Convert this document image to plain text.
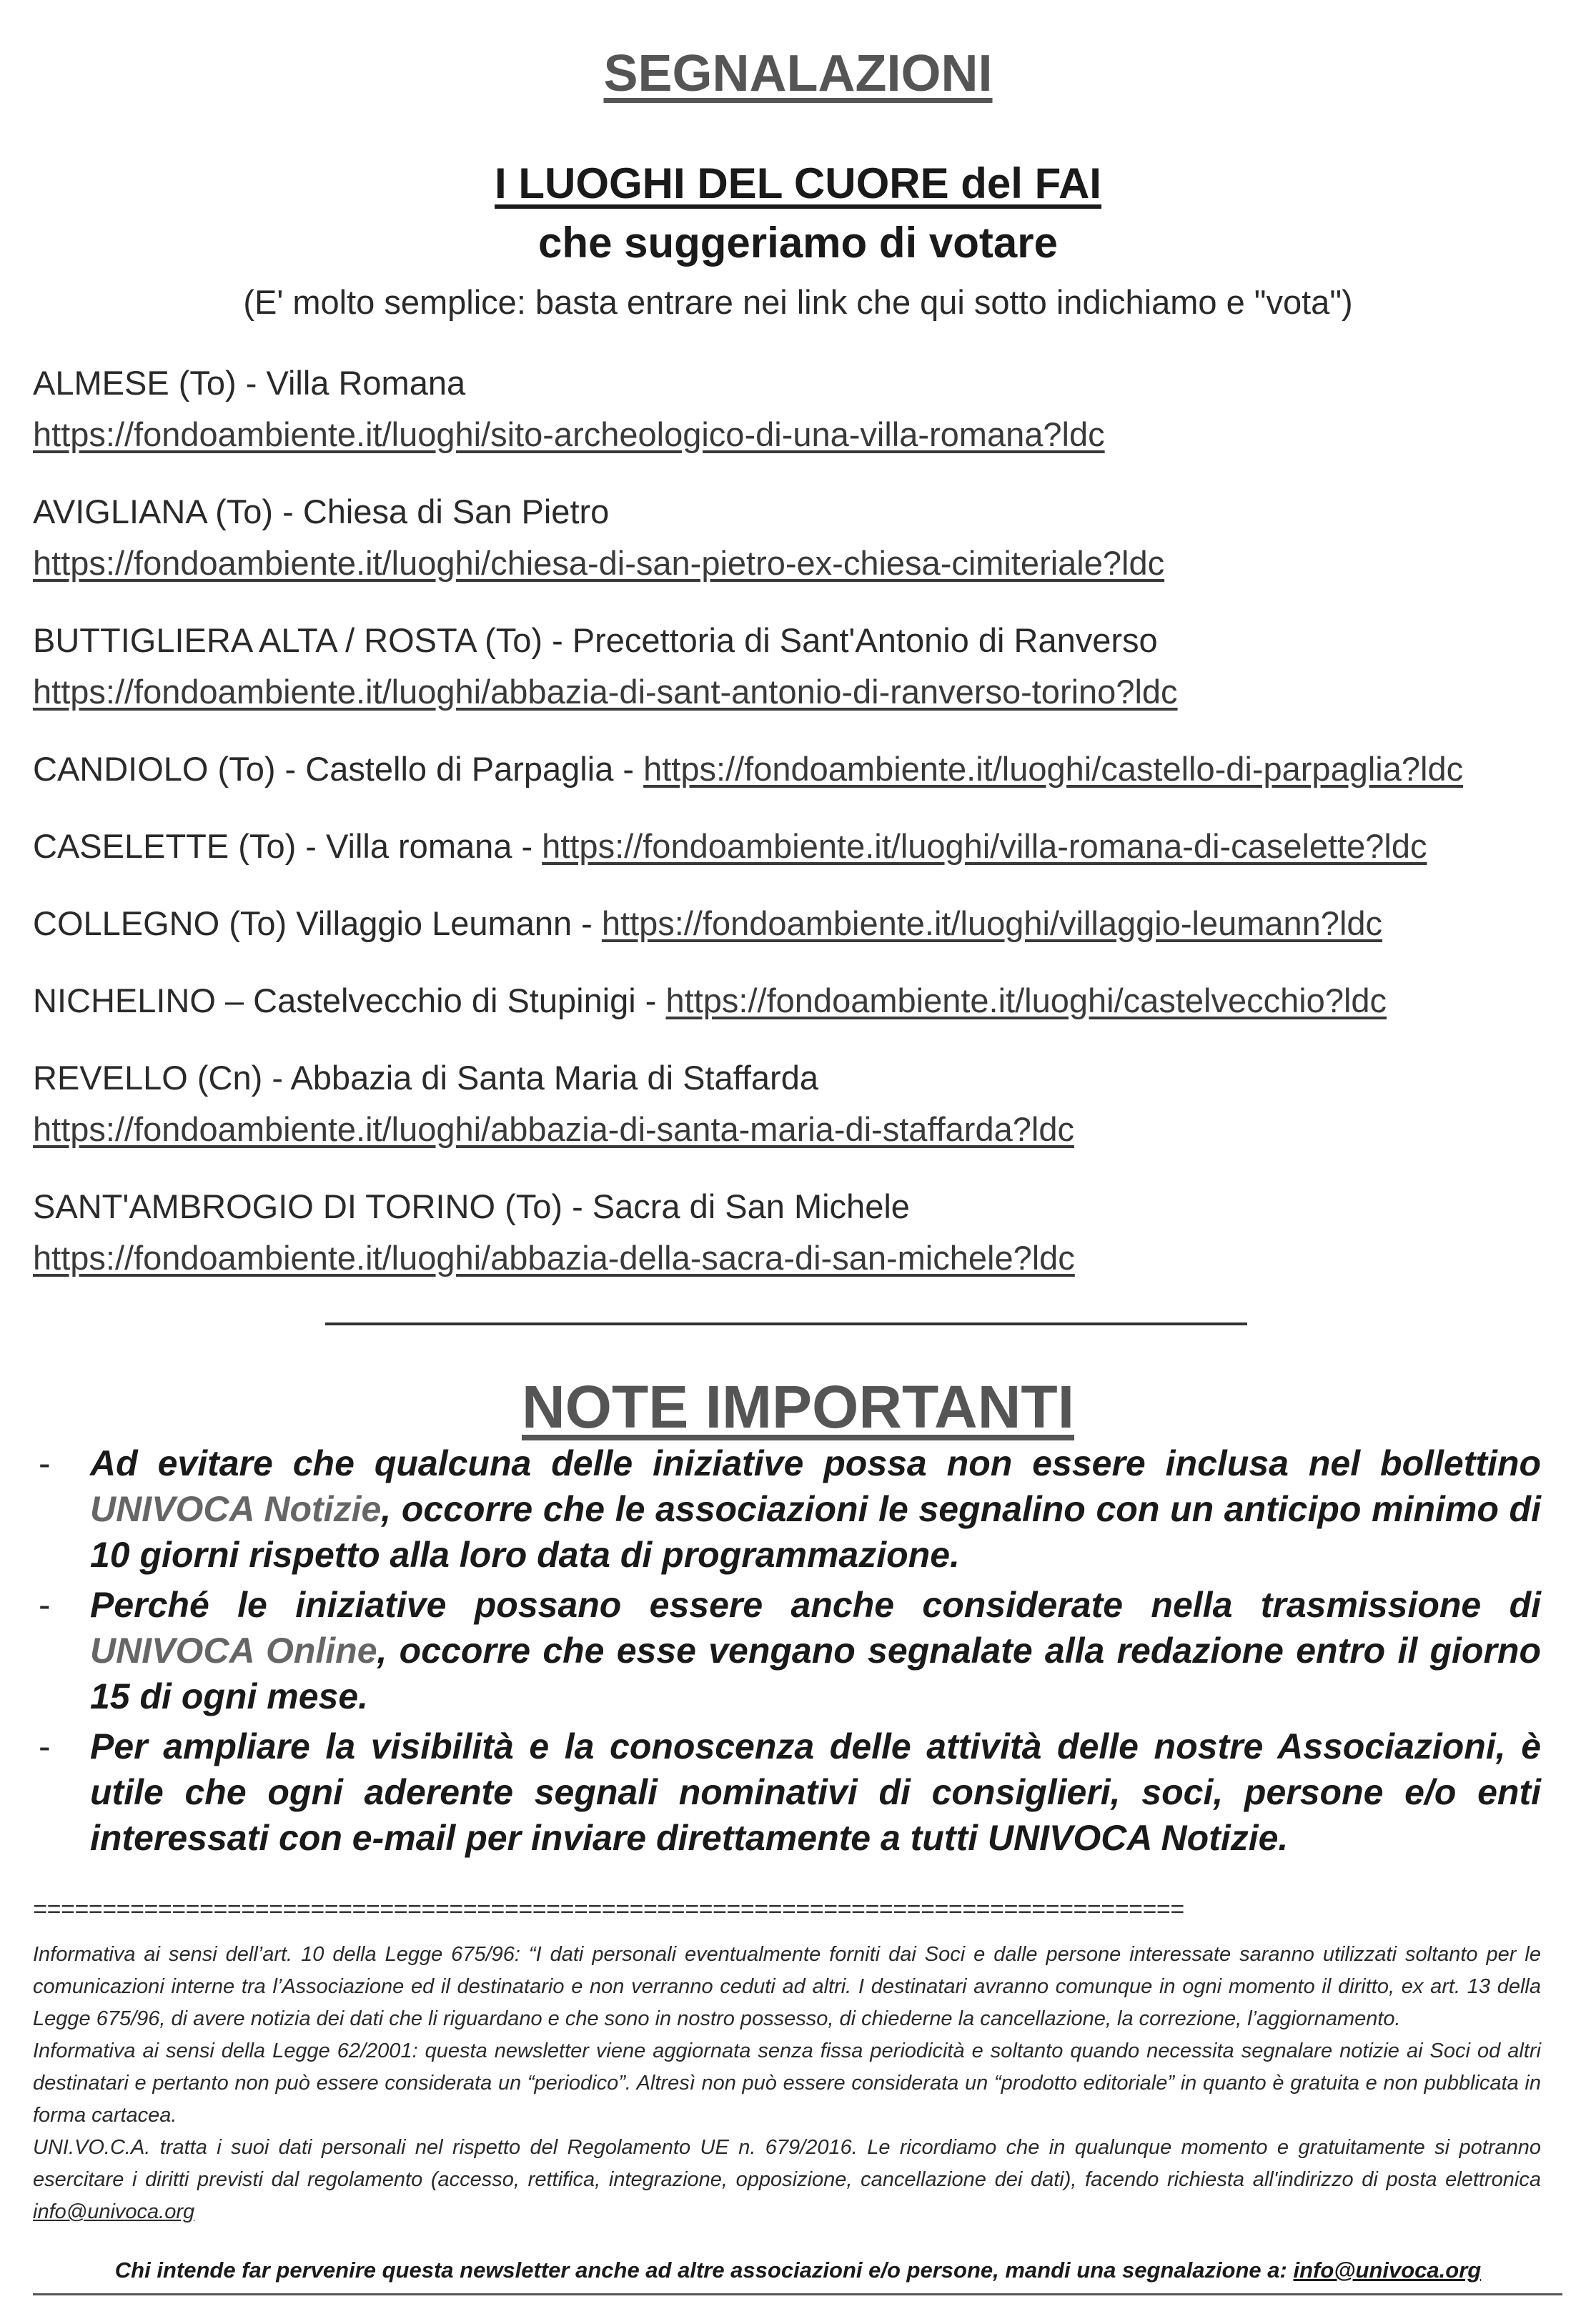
SEGNALAZIONI
I LUOGHI DEL CUORE del FAI
che suggeriamo di votare

(E' molto semplice: basta entrare nei link che qui sotto indichiamo e "vota")

ALMESE (To) - Villa Romana
https://fondoambiente.it/luoghi/sito-archeologico-di-una-villa-romana?ldc
AVIGLIANA (To) - Chiesa di San Pietro
https://fondoambiente.it/luoghi/chiesa-di-san-pietro-ex-chiesa-cimiteriale?ldc
BUTTIGLIERA ALTA / ROSTA (To) - Precettoria di Sant'Antonio di Ranverso
https://fondoambiente.it/luoghi/abbazia-di-sant-antonio-di-ranverso-torino?ldc
CANDIOLO (To) - Castello di Parpaglia - https://fondoambiente.it/luoghi/castello-di-parpaglia?ldc
CASELETTE (To) - Villa romana - https://fondoambiente.it/luoghi/villa-romana-di-caselette?ldc
COLLEGNO (To) Villaggio Leumann - https://fondoambiente.it/luoghi/villaggio-leumann?ldc
NICHELINO – Castelvecchio di Stupinigi - https://fondoambiente.it/luoghi/castelvecchio?ldc
REVELLO (Cn) - Abbazia di Santa Maria di Staffarda
https://fondoambiente.it/luoghi/abbazia-di-santa-maria-di-staffarda?ldc
SANT'AMBROGIO DI TORINO (To) - Sacra di San Michele
https://fondoambiente.it/luoghi/abbazia-della-sacra-di-san-michele?ldc
NOTE IMPORTANTI
- Ad evitare che qualcuna delle iniziative possa non essere inclusa nel bollettino UNIVOCA Notizie, occorre che le associazioni le segnalino con un anticipo minimo di 10 giorni rispetto alla loro data di programmazione.
- Perché le iniziative possano essere anche considerate nella trasmissione di UNIVOCA Online, occorre che esse vengano segnalate alla redazione entro il giorno 15 di ogni mese.
- Per ampliare la visibilità e la conoscenza delle attività delle nostre Associazioni, è utile che ogni aderente segnali nominativi di consiglieri, soci, persone e/o enti interessati con e-mail per inviare direttamente a tutti UNIVOCA Notizie.
===================================================================================

Informativa ai sensi dell’art. 10 della Legge 675/96: “I dati personali eventualmente forniti dai Soci e dalle persone interessate saranno utilizzati soltanto per le comunicazioni interne tra l’Associazione ed il destinatario e non verranno ceduti ad altri. I destinatari avranno comunque in ogni momento il diritto, ex art. 13 della Legge 675/96, di avere notizia dei dati che li riguardano e che sono in nostro possesso, di chiederne la cancellazione, la correzione, l’aggiornamento.

Informativa ai sensi della Legge 62/2001: questa newsletter viene aggiornata senza fissa periodicità e soltanto quando necessita segnalare notizie ai Soci od altri destinatari e pertanto non può essere considerata un “periodico”. Altresì non può essere considerata un “prodotto editoriale” in quanto è gratuita e non pubblicata in forma cartacea.

UNI.VO.C.A. tratta i suoi dati personali nel rispetto del Regolamento UE n. 679/2016. Le ricordiamo che in qualunque momento e gratuitamente si potranno esercitare i diritti previsti dal regolamento (accesso, rettifica, integrazione, opposizione, cancellazione dei dati), facendo richiesta all'indirizzo di posta elettronica info@univoca.org

Chi intende far pervenire questa newsletter anche ad altre associazioni e/o persone, mandi una segnalazione a: info@univoca.org
